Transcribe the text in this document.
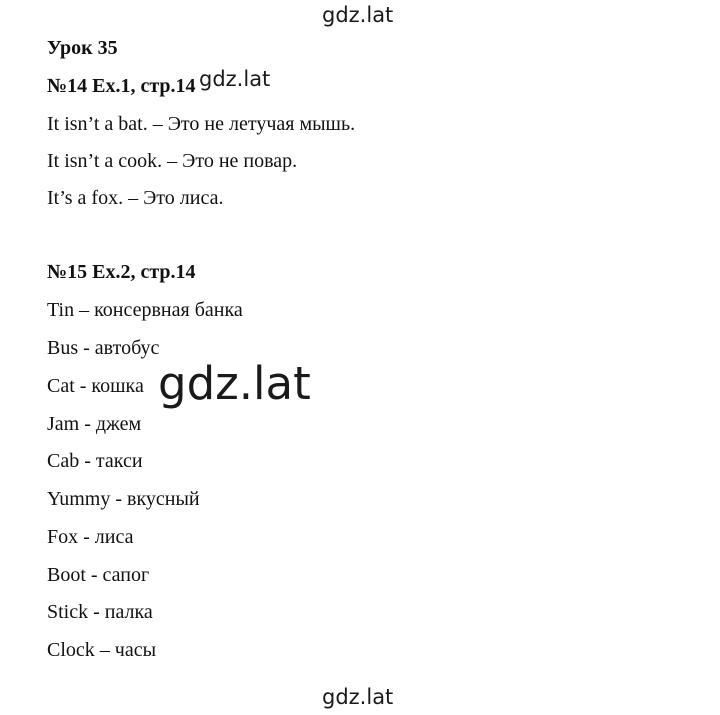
gdz.lat
Урок 35
№14 Ex.1, стр.14
It isn’t a bat. – Это не летучая мышь.
It isn’t a cook. – Это не повар.
It’s a fox. – Это лиса.
№15 Ex.2, стр.14
Tin – консервная банка
Bus - автобус
Cat - кошка
Jam - джем
Cab - такси
Yummy - вкусный
Fox - лиса
Boot - сапог
Stick - палка
Clock – часы
gdz.lat
gdz.lat
gdz.lat
